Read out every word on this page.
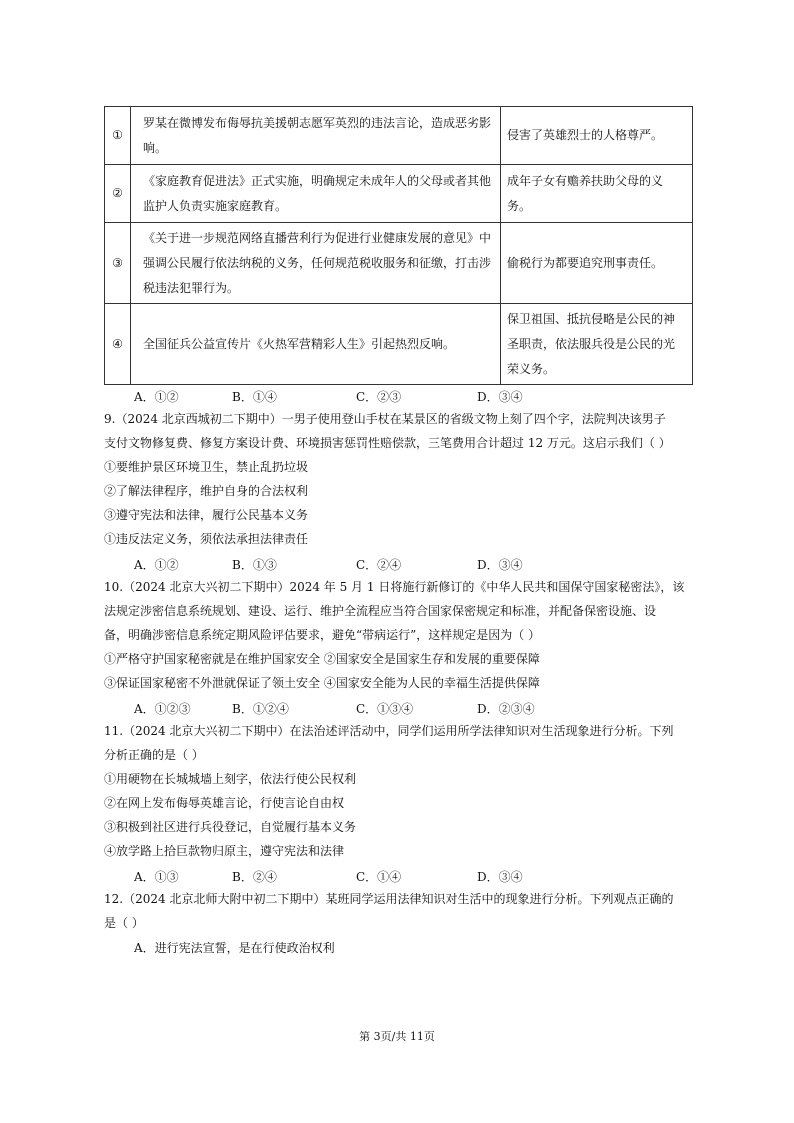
①	罗某在微博发布侮辱抗美援朝志愿军英烈的违法言论，造成恶劣影响。	侵害了英雄烈士的人格尊严。
②	《家庭教育促进法》正式实施，明确规定未成年人的父母或者其他监护人负责实施家庭教育。	成年子女有赡养扶助父母的义务。
③	《关于进一步规范网络直播营利行为促进行业健康发展的意见》中强调公民履行依法纳税的义务，任何规范税收服务和征缴，打击涉税违法犯罪行为。	偷税行为都要追究刑事责任。
④	全国征兵公益宣传片《火热军营精彩人生》引起热烈反响。	保卫祖国、抵抗侵略是公民的神圣职责，依法服兵役是公民的光荣义务。
A．①②	B．①④	C．②③	D．③④
9.（2024 北京西城初二下期中）一男子使用登山手杖在某景区的省级文物上刻了四个字，法院判决该男子
支付文物修复费、修复方案设计费、环境损害惩罚性赔偿款，三笔费用合计超过 12 万元。这启示我们（ ）
①要维护景区环境卫生，禁止乱扔垃圾
②了解法律程序，维护自身的合法权利
③遵守宪法和法律，履行公民基本义务
①违反法定义务，须依法承担法律责任
A．①②	B．①③	C．②④	D．③④
10.（2024 北京大兴初二下期中）2024 年 5 月 1 日将施行新修订的《中华人民共和国保守国家秘密法》，该
法规定涉密信息系统规划、建设、运行、维护全流程应当符合国家保密规定和标准，并配备保密设施、设
备，明确涉密信息系统定期风险评估要求，避免“带病运行”，这样规定是因为（ ）
①严格守护国家秘密就是在维护国家安全 ②国家安全是国家生存和发展的重要保障
③保证国家秘密不外泄就保证了领土安全 ④国家安全能为人民的幸福生活提供保障
A．①②③	B．①②④	C．①③④	D．②③④
11.（2024 北京大兴初二下期中）在法治述评活动中，同学们运用所学法律知识对生活现象进行分析。下列
分析正确的是（ ）
①用硬物在长城城墙上刻字，依法行使公民权利
②在网上发布侮辱英雄言论，行使言论自由权
③积极到社区进行兵役登记，自觉履行基本义务
④放学路上拾巨款物归原主，遵守宪法和法律
A．①③	B．②④	C．①④	D．③④
12.（2024 北京北师大附中初二下期中）某班同学运用法律知识对生活中的现象进行分析。下列观点正确的
是（ ）
A．进行宪法宣誓，是在行使政治权利
第 3页/共 11页
